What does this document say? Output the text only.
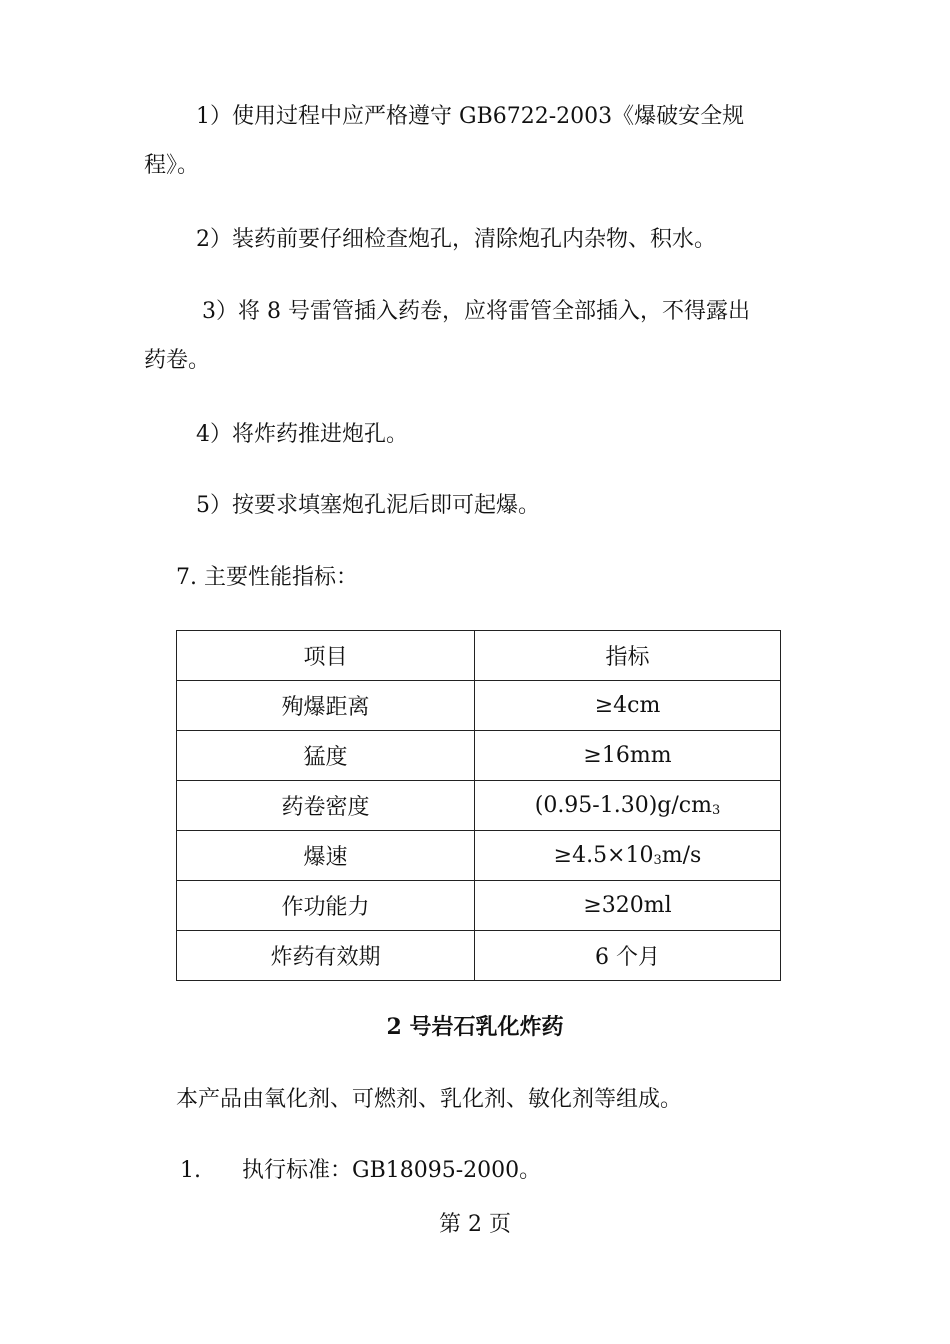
1）使用过程中应严格遵守 GB6722-2003《爆破安全规
程》。
2）装药前要仔细检查炮孔，清除炮孔内杂物、积水。
3）将 8 号雷管插入药卷，应将雷管全部插入，不得露出
药卷。
4）将炸药推进炮孔。
5）按要求填塞炮孔泥后即可起爆。
7. 主要性能指标：
项目	指标
殉爆距离	≥4cm
猛度	≥16mm
药卷密度	(0.95-1.30)g/cm3
爆速	≥4.5×103m/s
作功能力	≥320ml
炸药有效期	6 个月
2 号岩石乳化炸药
本产品由氧化剂、可燃剂、乳化剂、敏化剂等组成。
1. 执行标准：GB18095-2000。
第 2 页
